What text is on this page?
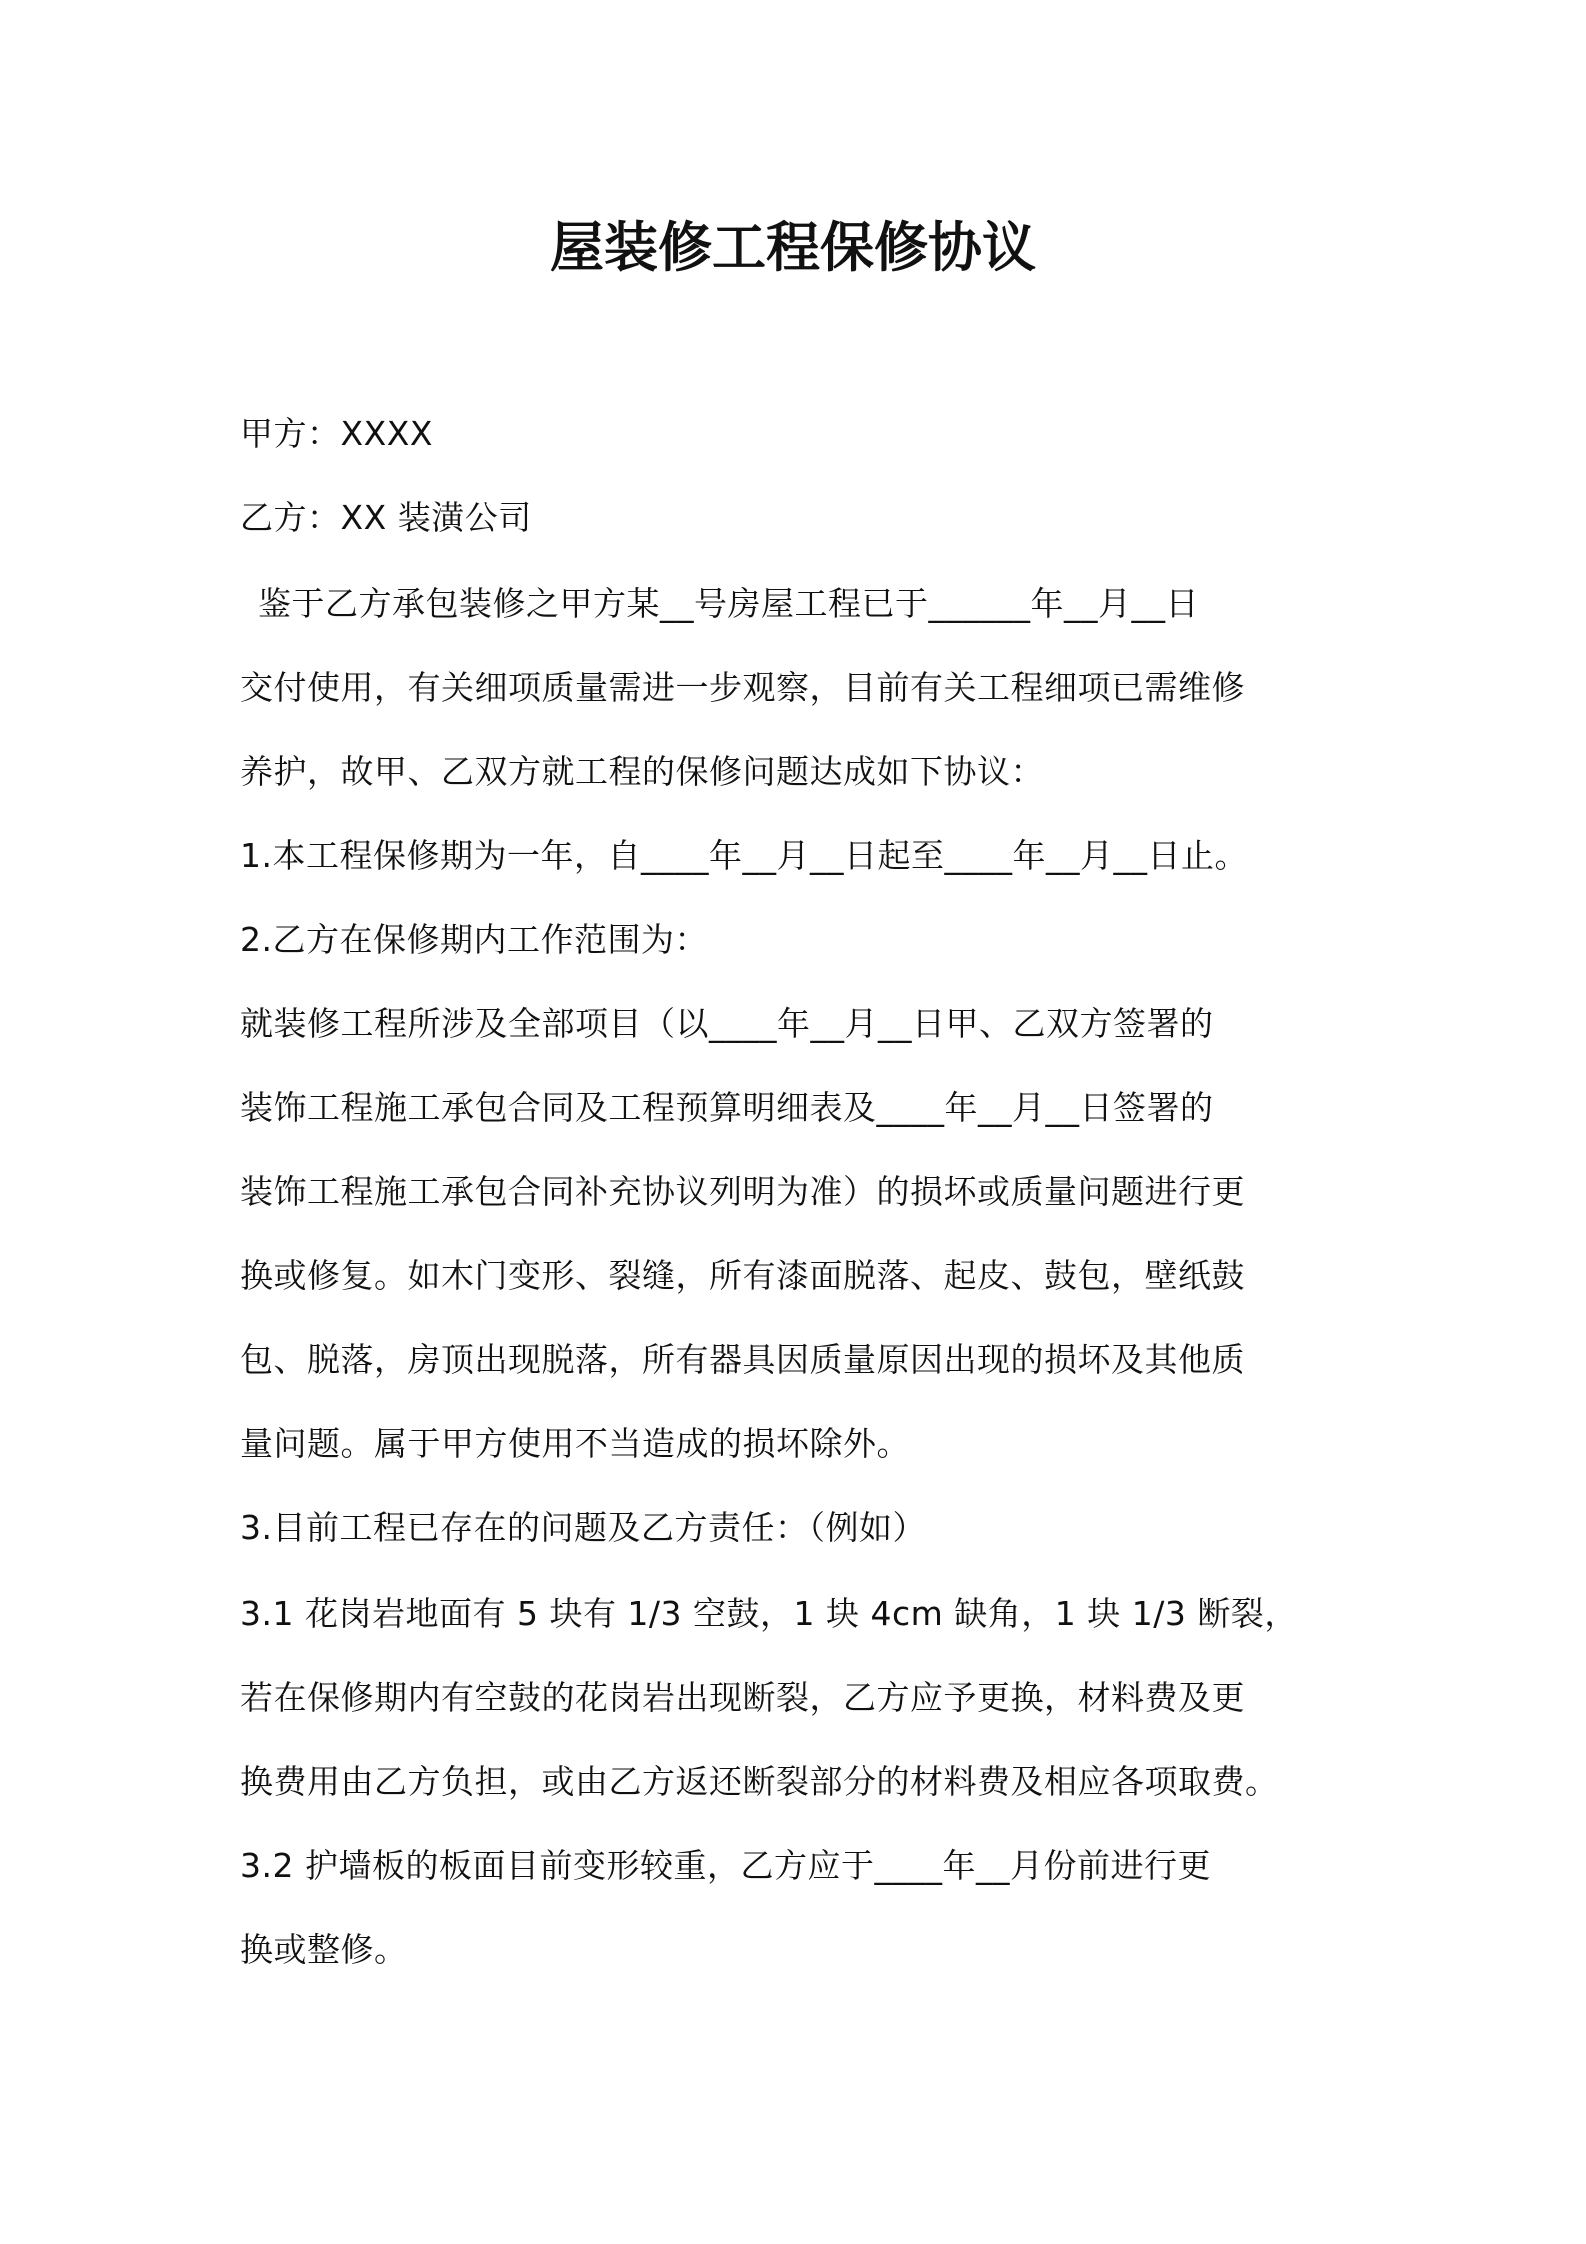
屋装修工程保修协议
甲方：XXXX
乙方：XX 装潢公司
鉴于乙方承包装修之甲方某__号房屋工程已于______年__月__日
交付使用，有关细项质量需进一步观察，目前有关工程细项已需维修
养护，故甲、乙双方就工程的保修问题达成如下协议：
1.本工程保修期为一年，自____年__月__日起至____年__月__日止。
2.乙方在保修期内工作范围为：
就装修工程所涉及全部项目（以____年__月__日甲、乙双方签署的
装饰工程施工承包合同及工程预算明细表及____年__月__日签署的
装饰工程施工承包合同补充协议列明为准）的损坏或质量问题进行更
换或修复。如木门变形、裂缝，所有漆面脱落、起皮、鼓包，壁纸鼓
包、脱落，房顶出现脱落，所有器具因质量原因出现的损坏及其他质
量问题。属于甲方使用不当造成的损坏除外。
3.目前工程已存在的问题及乙方责任：（例如）
3.1 花岗岩地面有 5 块有 1/3 空鼓，1 块 4cm 缺角，1 块 1/3 断裂，
若在保修期内有空鼓的花岗岩出现断裂，乙方应予更换，材料费及更
换费用由乙方负担，或由乙方返还断裂部分的材料费及相应各项取费。
3.2 护墙板的板面目前变形较重，乙方应于____年__月份前进行更
换或整修。
